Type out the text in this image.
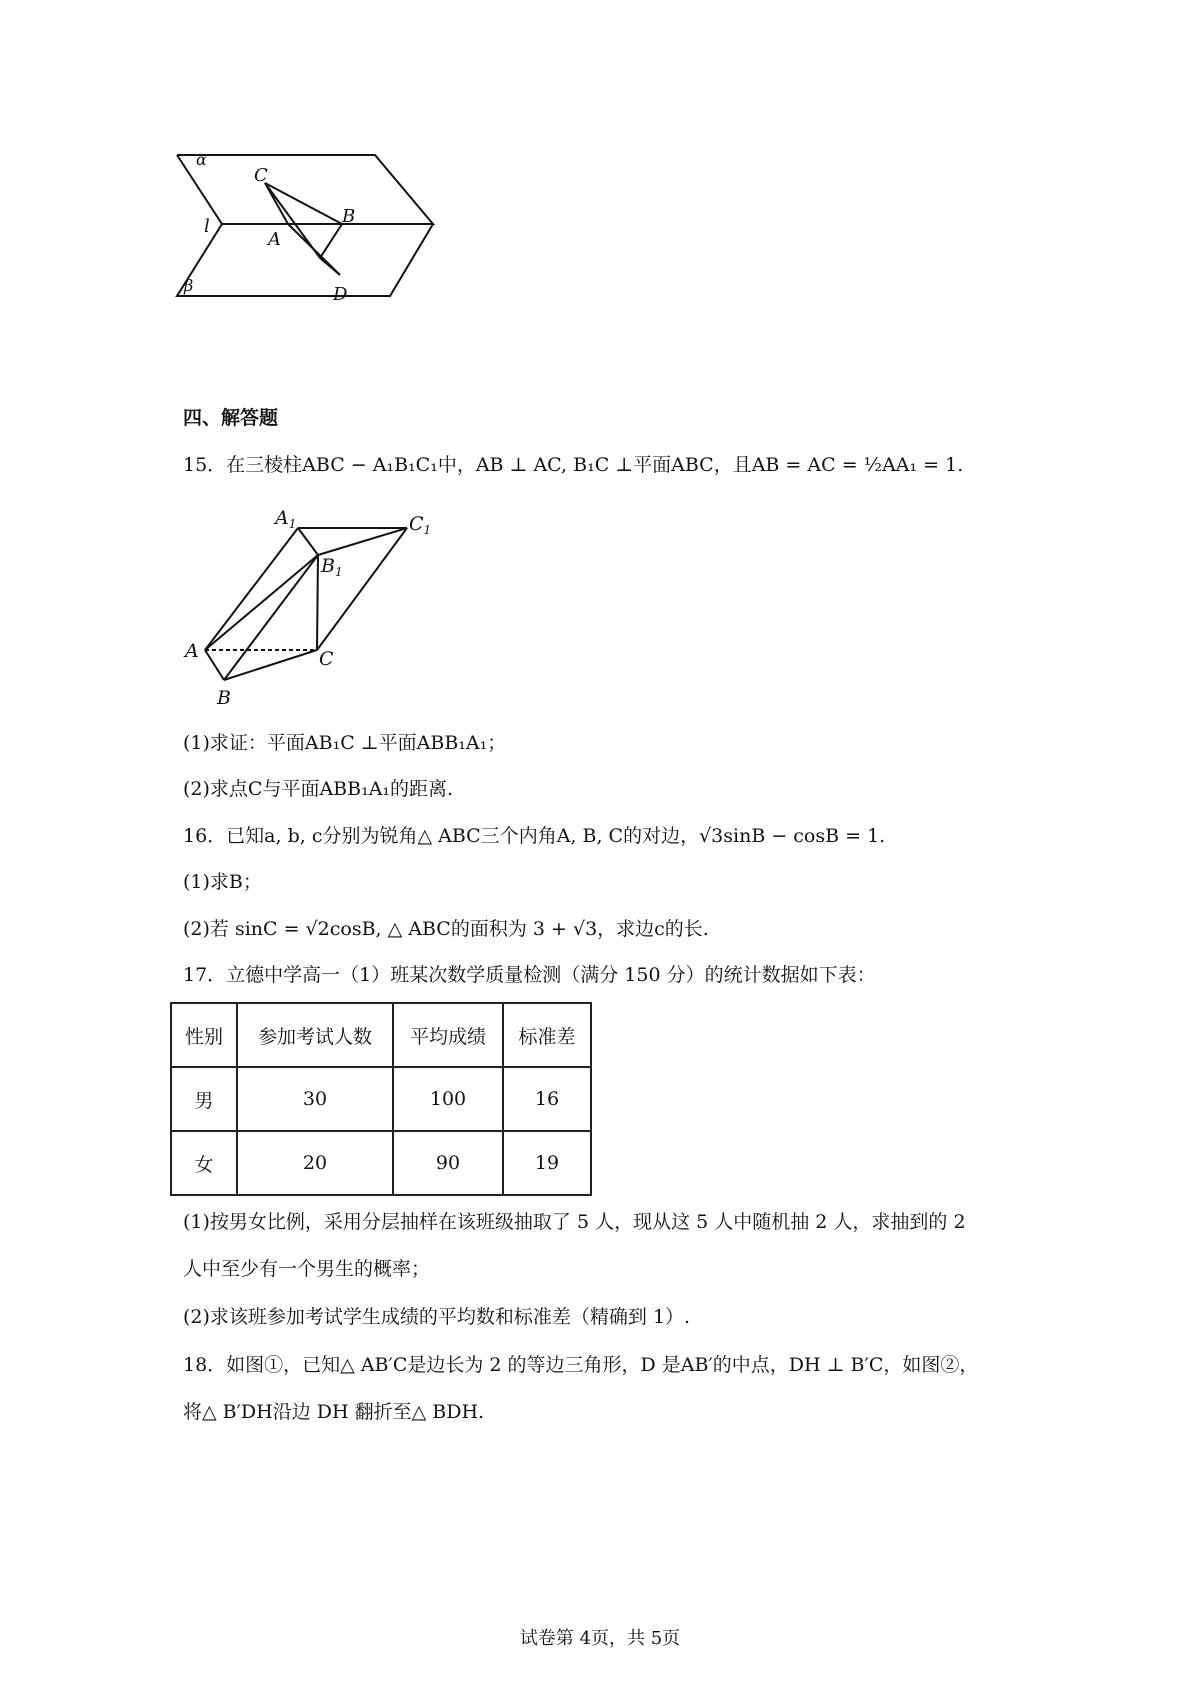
α
β
l
C
A
B
D
四、解答题
15．在三棱柱ABC − A₁B₁C₁中，AB ⊥ AC, B₁C ⊥平面ABC，且AB = AC = ½AA₁ = 1.
$A_1$	$C_1$
$B_1$
A	C
B
(1)求证：平面AB₁C ⊥平面ABB₁A₁；
(2)求点C与平面ABB₁A₁的距离.
16．已知a, b, c分别为锐角△ ABC三个内角A, B, C的对边，√3sinB − cosB = 1.
(1)求B；
(2)若 sinC = √2cosB, △ ABC的面积为 3 + √3，求边c的长.
17．立德中学高一（1）班某次数学质量检测（满分 150 分）的统计数据如下表：
性别	参加考试人数	平均成绩	标准差
男	30	100	16
女	20	90	19
(1)按男女比例，采用分层抽样在该班级抽取了 5 人，现从这 5 人中随机抽 2 人，求抽到的 2
人中至少有一个男生的概率；
(2)求该班参加考试学生成绩的平均数和标准差（精确到 1）.
18．如图①，已知△ AB′C是边长为 2 的等边三角形，D 是AB′的中点，DH ⊥ B′C，如图②，
将△ B′DH沿边 DH 翻折至△ BDH.
试卷第 4页，共 5页
